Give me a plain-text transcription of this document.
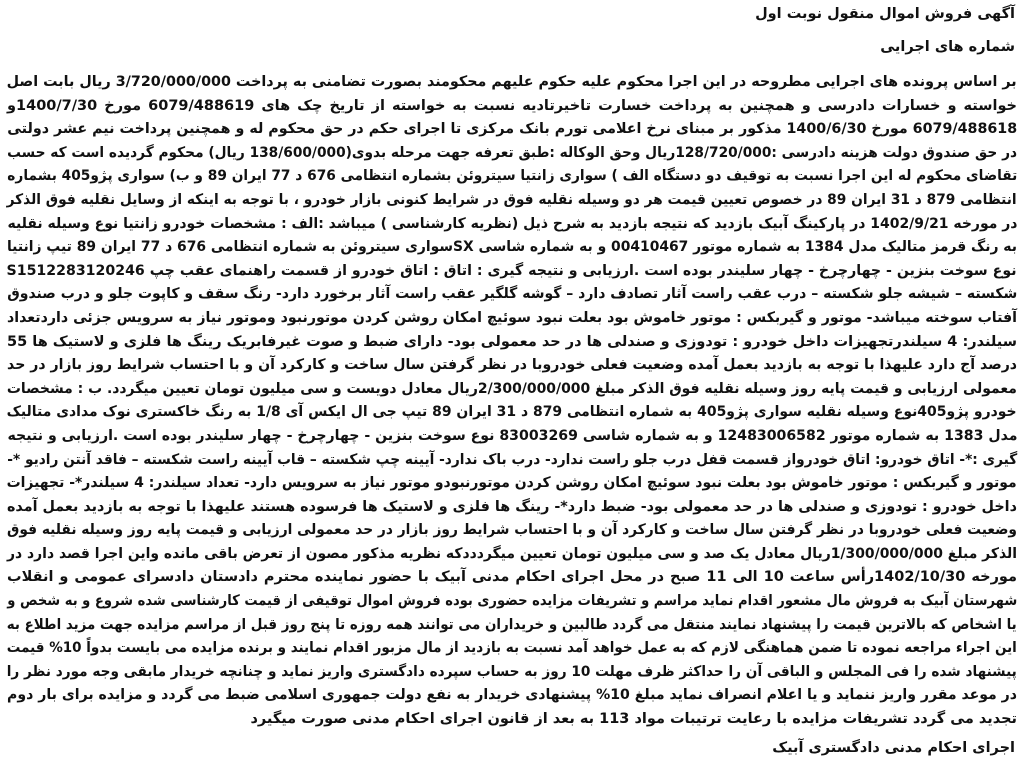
آگهی فروش اموال منقول نوبت اول
شماره های اجرایی
بر اساس پرونده های اجرایی مطروحه در این اجرا محکوم علیه حکوم علیهم محکومند بصورت تضامنی به پرداخت 3/720/000/000 ریال بابت اصل
خواسته و خسارات دادرسی و همچنین به پرداخت خسارت تاخیرتادیه نسبت به خواسته از تاریخ چک های 6079/488619 مورخ 1400/7/30و
6079/488618 مورخ 1400/6/30 مذکور بر مبنای نرخ اعلامی تورم بانک مرکزی تا اجرای حکم در حق محکوم له و همچنین پرداخت نیم عشر دولتی
در حق صندوق دولت هزینه دادرسی :128/720/000ریال وحق الوکاله :طبق تعرفه جهت مرحله بدوی(138/600/000 ریال) محکوم گردیده است که حسب
تقاضای محکوم له این اجرا نسبت به توقیف دو دستگاه الف ) سواری زانتیا سیتروئن بشماره انتظامی 676 د 77 ایران 89 و ب) سواری پژو405 بشماره
انتظامی 879 د 31 ایران 89 در خصوص تعیین قیمت هر دو وسیله نقلیه فوق در شرایط کنونی بازار خودرو ، با توجه به اینکه از وسایل نقلیه فوق الذکر
در مورخه 1402/9/21 در پارکینگ آبیک بازدید که نتیجه بازدید به شرح ذیل (نظریه کارشناسی ) میباشد :الف : مشخصات خودرو زانتیا نوع وسیله نقلیه
به رنگ قرمز متالیک مدل 1384 به شماره موتور 00410467 و به شماره شاسی SXسواری سیتروئن به شماره انتظامی 676 د 77 ایران 89 تیپ زانتیا
نوع سوخت بنزین - چهارچرخ - چهار سلیندر بوده است .ارزیابی و نتیجه گیری : اتاق : اتاق خودرو از قسمت راهنمای عقب چپ S1512283120246
شکسته – شیشه جلو شکسته – درب عقب راست آثار تصادف دارد – گوشه گلگیر عقب راست آثار برخورد دارد- رنگ سقف و کاپوت جلو و درب صندوق
آفتاب سوخته میباشد- موتور و گیربکس : موتور خاموش بود بعلت نبود سوئیچ امکان روشن کردن موتورنبود وموتور نیاز به سرویس جزئی داردتعداد
سیلندر: 4 سیلندرتجهیزات داخل خودرو : تودوزی و صندلی ها در حد معمولی بود- دارای ضبط و صوت غیرفابریک رینگ ها فلزی و لاستیک ها 55
درصد آج دارد علیهذا با توجه به بازدید بعمل آمده وضعیت فعلی خودروبا در نظر گرفتن سال ساخت و کارکرد آن و با احتساب شرایط روز بازار در حد
معمولی ارزیابی و قیمت پایه روز وسیله نقلیه فوق الذکر مبلغ 2/300/000/000ریال معادل دویست و سی میلیون تومان تعیین میگردد. ب : مشخصات
خودرو پژو405نوع وسیله نقلیه سواری پژو405 به شماره انتظامی 879 د 31 ایران 89 تیپ جی ال ایکس آی 1/8 به رنگ خاکستری نوک مدادی متالیک
مدل 1383 به شماره موتور 12483006582 و به شماره شاسی 83003269 نوع سوخت بنزین - چهارچرخ - چهار سلیندر بوده است .ارزیابی و نتیجه
گیری :*- اتاق خودرو: اتاق خودرواز قسمت قفل درب جلو راست ندارد- درب باک ندارد- آیینه چپ شکسته – قاب آیینه راست شکسته – فاقد آنتن رادیو *-
موتور و گیربکس : موتور خاموش بود بعلت نبود سوئیچ امکان روشن کردن موتورنبودو موتور نیاز به سرویس دارد- تعداد سیلندر: 4 سیلندر*- تجهیزات
داخل خودرو : تودوزی و صندلی ها در حد معمولی بود- ضبط دارد*- رینگ ها فلزی و لاستیک ها فرسوده هستند علیهذا با توجه به بازدید بعمل آمده
وضعیت فعلی خودروبا در نظر گرفتن سال ساخت و کارکرد آن و با احتساب شرایط روز بازار در حد معمولی ارزیابی و قیمت پایه روز وسیله نقلیه فوق
الذکر مبلغ 1/300/000/000ریال معادل یک صد و سی میلیون تومان تعیین میگردددکه نظریه مذکور مصون از تعرض باقی مانده واین اجرا قصد دارد در
مورخه 1402/10/30رأس ساعت 10 الی 11 صبح در محل اجرای احکام مدنی آبیک با حضور نماینده محترم دادستان دادسرای عمومی و انقلاب
شهرستان آبیک به فروش مال مشعور اقدام نماید مراسم و تشریفات مزایده حضوری بوده فروش اموال توقیفی از قیمت کارشناسی شده شروع و به شخص و
یا اشخاص که بالاترین قیمت را پیشنهاد نمایند منتقل می گردد طالبین و خریداران می توانند همه روزه تا پنج روز قبل از مراسم مزایده جهت مزید اطلاع به
این اجراء مراجعه نموده تا ضمن هماهنگی لازم که به عمل خواهد آمد نسبت به بازدید از مال مزبور اقدام نمایند و برنده مزایده می بایست بدواً 10% قیمت
پیشنهاد شده را فی المجلس و الباقی آن را حداکثر ظرف مهلت 10 روز به حساب سپرده دادگستری واریز نماید و چنانچه خریدار مابقی وجه مورد نظر را
در موعد مقرر واریز ننماید و یا اعلام انصراف نماید مبلغ 10% پیشنهادی خریدار به نفع دولت جمهوری اسلامی ضبط می گردد و مزایده برای بار دوم
تجدید می گردد تشریفات مزایده با رعایت ترتیبات مواد 113 به بعد از قانون اجرای احکام مدنی صورت میگیرد
اجرای احکام مدنی دادگستری آبیک
